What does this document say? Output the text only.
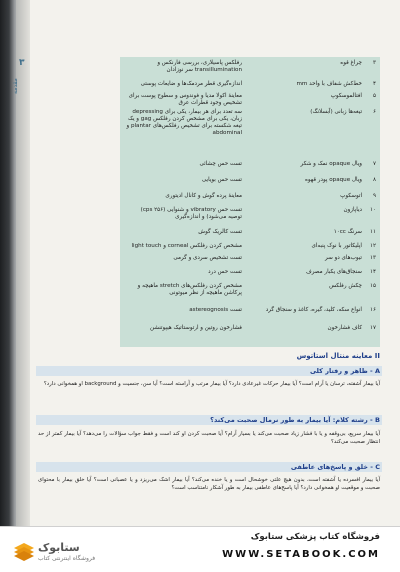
۳
مقدمه
۳
چراغ قوه
رفلکس پاسیلاری، بررسی فارنکس و transillumination سر نوزادان
۴
خط‌کش شفاف با واحد mm
اندازه‌گیری قطر مردمک‌ها و ضایعات پوستی
۵
افتالموسکوپ
معاینهٔ اکولا مدیا و فوندوس و سطوح پوست برای تشخیص وجود قطرات عرق
۶
تیغه‌ها زبانی (آبسلانگ)
سه تعدد برای هر بیمار، یکی برای depressing زبان، یکی برای مشخص کردن رفلکس gag و یک تیغه شکسته برای تشخیص رفلکس‌های plantar و abdominal
۷
ویال opaque نمک و شکر
تست حس چشائی
۸
ویال opaque پودر قهوه
تست حس بویایی
۹
اتوسکوپ
معاینهٔ پرده گوش و کانال ادیتوری
۱۰
دیاپازون
تست حس vibratory و شنوایی (۲۵۶ cps) توصیه می‌شود) و اندازه‌گیری
۱۱
سرنگ ۱۰cc
تست کالریک گوش
۱۲
اپلیکاتور با نوک پنبه‌ای
مشخص کردن رفلکس corneal و light touch
۱۳
تیوب‌های دو سر
تست تشخیص سردی و گرمی
۱۴
سنجاق‌های یکبار مصرف
تست حس درد
۱۵
چکش رفلکس
مشخص کردن رفلکس‌های stretch ماهیچه و پرکاشن ماهیچه از نظر میوتونی
۱۶
انواع سکه، کلید، گیره، کاغذ و سنجاق گرد
تست astereognosis
۱۷
کاف فشارخون
فشارخون روتین و ارتوستاتیک هیپوتنشن
II معاینه منتال استاتوس
A - ظاهر و رفتار کلی
آیا بیمار آشفته، ترسان یا آرام است؟ آیا بیمار حرکات غیرعادی دارد؟ آیا بیمار مرتب و آراسته است؟ آیا سن، جنسیت و background او همخوانی دارد؟
B - رشته کلام: آیا بیمار به طور نرمال صحبت می‌کند؟
آیا بیمار سریع، بی‌وقفه و یا با فشار زیاد صحبت می‌کند یا بسیار آرام؟ آیا صحبت کردن او کند است و فقط جواب سؤالات را می‌دهد؟ آیا بیمار کمتر از حد انتظار صحبت می‌کند؟
C - خلق و پاسخ‌های عاطفی
آیا بیمار افسرده یا آشفته است، بدون هیچ علتی خوشحال است و یا خنده می‌کند؟ آیا بیمار اشک می‌ریزد و یا عصبانی است؟ آیا خلق بیمار با محتوای صحبت و موقعیت او همخوانی دارد؟ آیا پاسخ‌های عاطفی بیمار به طور آشکار نامتناسب است؟
ستابوک
فروشگاه اینترنتی کتاب
فروشگاه کتاب پزشکی ستابوک
WWW.SETABOOK.COM
